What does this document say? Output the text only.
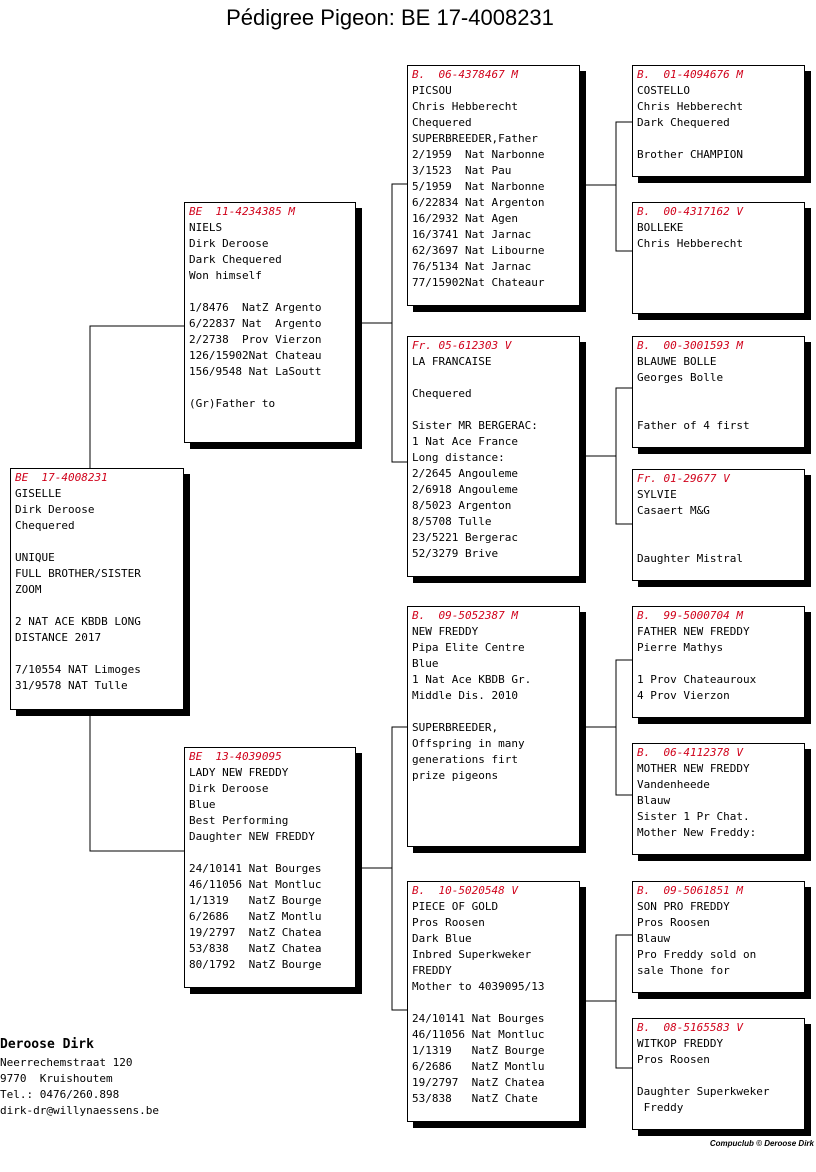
Pédigree Pigeon: BE 17-4008231
BE  17-4008231
GISELLE
Dirk Deroose
Chequered
UNIQUE
FULL BROTHER/SISTER
ZOOM
2 NAT ACE KBDB LONG
DISTANCE 2017
7/10554 NAT Limoges
31/9578 NAT Tulle
BE  11-4234385 M
NIELS
Dirk Deroose
Dark Chequered
Won himself
1/8476  NatZ Argento
6/22837 Nat  Argento
2/2738  Prov Vierzon
126/15902Nat Chateau
156/9548 Nat LaSoutt
(Gr)Father to
BE  13-4039095
LADY NEW FREDDY
Dirk Deroose
Blue
Best Performing
Daughter NEW FREDDY
24/10141 Nat Bourges
46/11056 Nat Montluc
1/1319   NatZ Bourge
6/2686   NatZ Montlu
19/2797  NatZ Chatea
53/838   NatZ Chatea
80/1792  NatZ Bourge
B.  06-4378467 M
PICSOU
Chris Hebberecht
Chequered
SUPERBREEDER,Father
2/1959  Nat Narbonne
3/1523  Nat Pau
5/1959  Nat Narbonne
6/22834 Nat Argenton
16/2932 Nat Agen
16/3741 Nat Jarnac
62/3697 Nat Libourne
76/5134 Nat Jarnac
77/15902Nat Chateaur
Fr. 05-612303 V
LA FRANCAISE
Chequered
Sister MR BERGERAC:
1 Nat Ace France
Long distance:
2/2645 Angouleme
2/6918 Angouleme
8/5023 Argenton
8/5708 Tulle
23/5221 Bergerac
52/3279 Brive
B.  09-5052387 M
NEW FREDDY
Pipa Elite Centre
Blue
1 Nat Ace KBDB Gr.
Middle Dis. 2010
SUPERBREEDER,
Offspring in many
generations firt
prize pigeons
B.  10-5020548 V
PIECE OF GOLD
Pros Roosen
Dark Blue
Inbred Superkweker
FREDDY
Mother to 4039095/13
24/10141 Nat Bourges
46/11056 Nat Montluc
1/1319   NatZ Bourge
6/2686   NatZ Montlu
19/2797  NatZ Chatea
53/838   NatZ Chate
B.  01-4094676 M
COSTELLO
Chris Hebberecht
Dark Chequered
Brother CHAMPION
B.  00-4317162 V
BOLLEKE
Chris Hebberecht
B.  00-3001593 M
BLAUWE BOLLE
Georges Bolle
Father of 4 first
Fr. 01-29677 V
SYLVIE
Casaert M&G
Daughter Mistral
B.  99-5000704 M
FATHER NEW FREDDY
Pierre Mathys
1 Prov Chateauroux
4 Prov Vierzon
B.  06-4112378 V
MOTHER NEW FREDDY
Vandenheede
Blauw
Sister 1 Pr Chat.
Mother New Freddy:
B.  09-5061851 M
SON PRO FREDDY
Pros Roosen
Blauw
Pro Freddy sold on
sale Thone for
B.  08-5165583 V
WITKOP FREDDY
Pros Roosen
Daughter Superkweker
Freddy
Deroose Dirk
Neerrechemstraat 120
9770  Kruishoutem
Tel.: 0476/260.898
dirk-dr@willynaessens.be
Compuclub © Deroose Dirk
